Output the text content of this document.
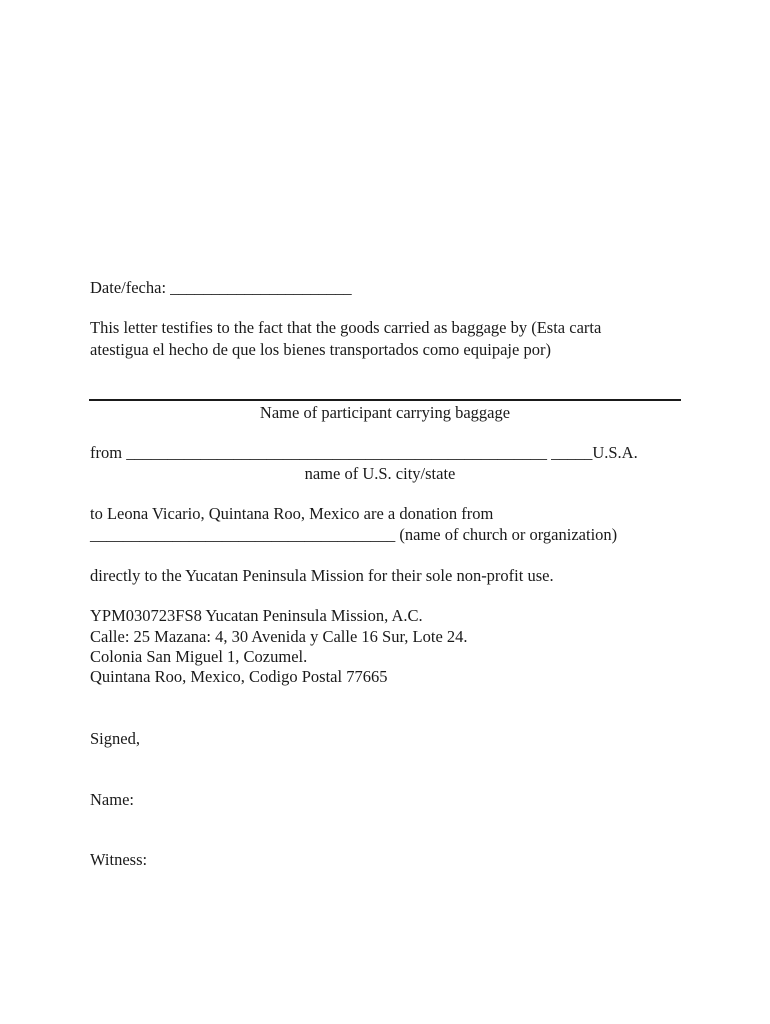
Date/fecha: ______________________
This letter testifies to the fact that the goods carried as baggage by (Esta carta
atestigua el hecho de que los bienes transportados como equipaje por)
Name of participant carrying baggage
from ___________________________________________________ _____U.S.A.
name of U.S. city/state
to Leona Vicario, Quintana Roo, Mexico are a donation from
_____________________________________ (name of church or organization)
directly to the Yucatan Peninsula Mission for their sole non-profit use.
YPM030723FS8 Yucatan Peninsula Mission, A.C.
Calle: 25 Mazana: 4, 30 Avenida y Calle 16 Sur, Lote 24.
Colonia San Miguel 1, Cozumel.
Quintana Roo, Mexico, Codigo Postal 77665
Signed,
Name:
Witness:
